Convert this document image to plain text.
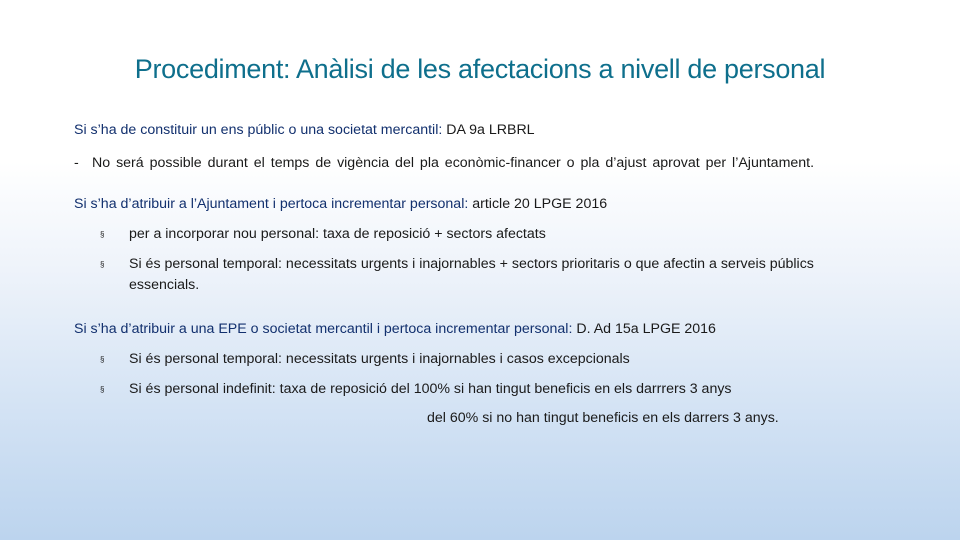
Procediment: Anàlisi de les afectacions a nivell de personal
Si s’ha de constituir un ens públic o una societat mercantil: DA 9a LRBRL
- No será possible durant el temps de vigència del pla econòmic-financer o pla d’ajust aprovat per l’Ajuntament.
Si s’ha d’atribuir a l’Ajuntament i pertoca incrementar personal: article 20 LPGE 2016
§	per a incorporar nou personal: taxa de reposició + sectors afectats
§	Si és personal temporal: necessitats urgents i inajornables + sectors prioritaris o que afectin a serveis públics essencials.
Si s’ha d’atribuir a una EPE o societat mercantil i pertoca incrementar personal: D. Ad 15a LPGE 2016
§	Si és personal temporal: necessitats urgents i inajornables i casos excepcionals
§	Si és personal indefinit: taxa de reposició del 100% si han tingut beneficis en els darrrers 3 anys
del 60% si no han tingut beneficis en els darrers 3 anys.
